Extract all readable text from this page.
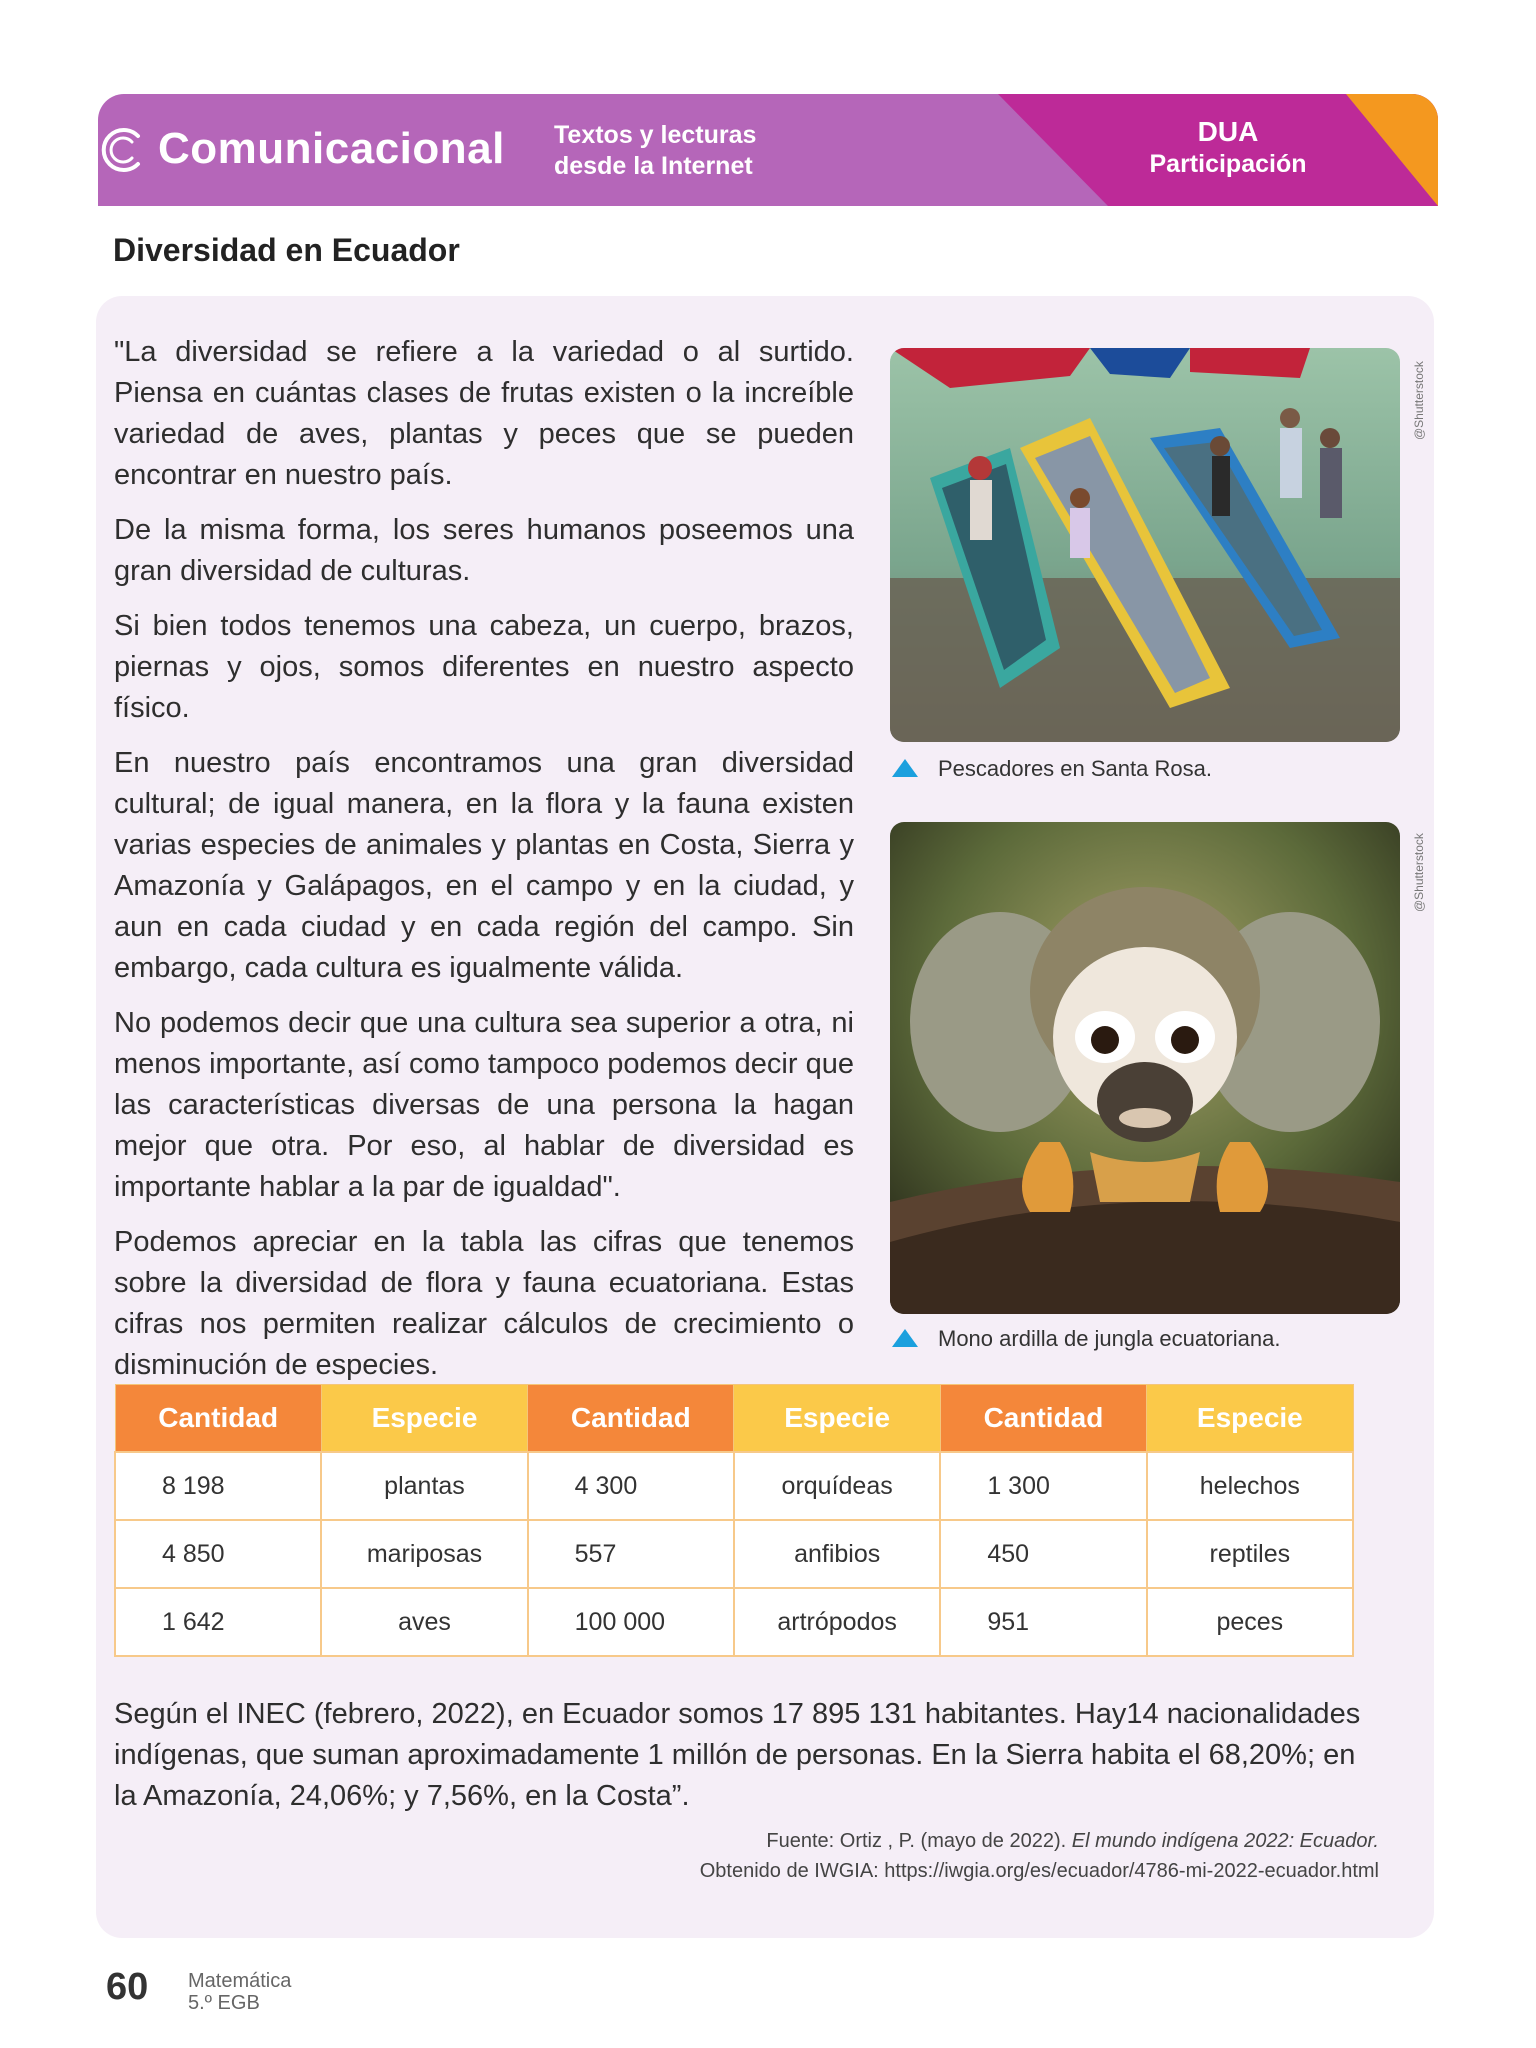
Comunicacional Textos y lecturas
desde la Internet
DUA
Participación
Diversidad en Ecuador

"La diversidad se refiere a la variedad o al surtido. Piensa en cuántas clases de frutas existen o la increíble variedad de aves, plantas y peces que se pueden encontrar en nuestro país.

De la misma forma, los seres humanos poseemos una gran diversidad de culturas.

Si bien todos tenemos una cabeza, un cuerpo, brazos, piernas y ojos, somos diferentes en nuestro aspecto físico.

En nuestro país encontramos una gran diversidad cultural; de igual manera, en la flora y la fauna existen varias especies de animales y plantas en Costa, Sierra y Amazonía y Galápagos, en el campo y en la ciudad, y aun en cada ciudad y en cada región del campo. Sin embargo, cada cultura es igualmente válida.

No podemos decir que una cultura sea superior a otra, ni menos importante, así como tampoco podemos decir que las características diversas de una persona la hagan mejor que otra. Por eso, al hablar de diversidad es importante hablar a la par de igualdad".

Podemos apreciar en la tabla las cifras que tenemos sobre la diversidad de flora y fauna ecuatoriana. Estas cifras nos permiten realizar cálculos de crecimiento o disminución de especies.

@Shutterstock
Pescadores en Santa Rosa.
@Shutterstock
Mono ardilla de jungla ecuatoriana.
Cantidad	Especie	Cantidad	Especie	Cantidad	Especie
8 198	plantas	4 300	orquídeas	1 300	helechos
4 850	mariposas	557	anfibios	450	reptiles
1 642	aves	100 000	artrópodos	951	peces
Según el INEC (febrero, 2022), en Ecuador somos 17 895 131 habitantes. Hay14 nacionalidades indígenas, que suman aproximadamente 1 millón de personas. En la Sierra habita el 68,20%; en la Amazonía, 24,06%; y 7,56%, en la Costa”.
Fuente: Ortiz , P. (mayo de 2022). El mundo indígena 2022: Ecuador.
Obtenido de IWGIA: https://iwgia.org/es/ecuador/4786-mi-2022-ecuador.html
60 Matemática
5.º EGB
